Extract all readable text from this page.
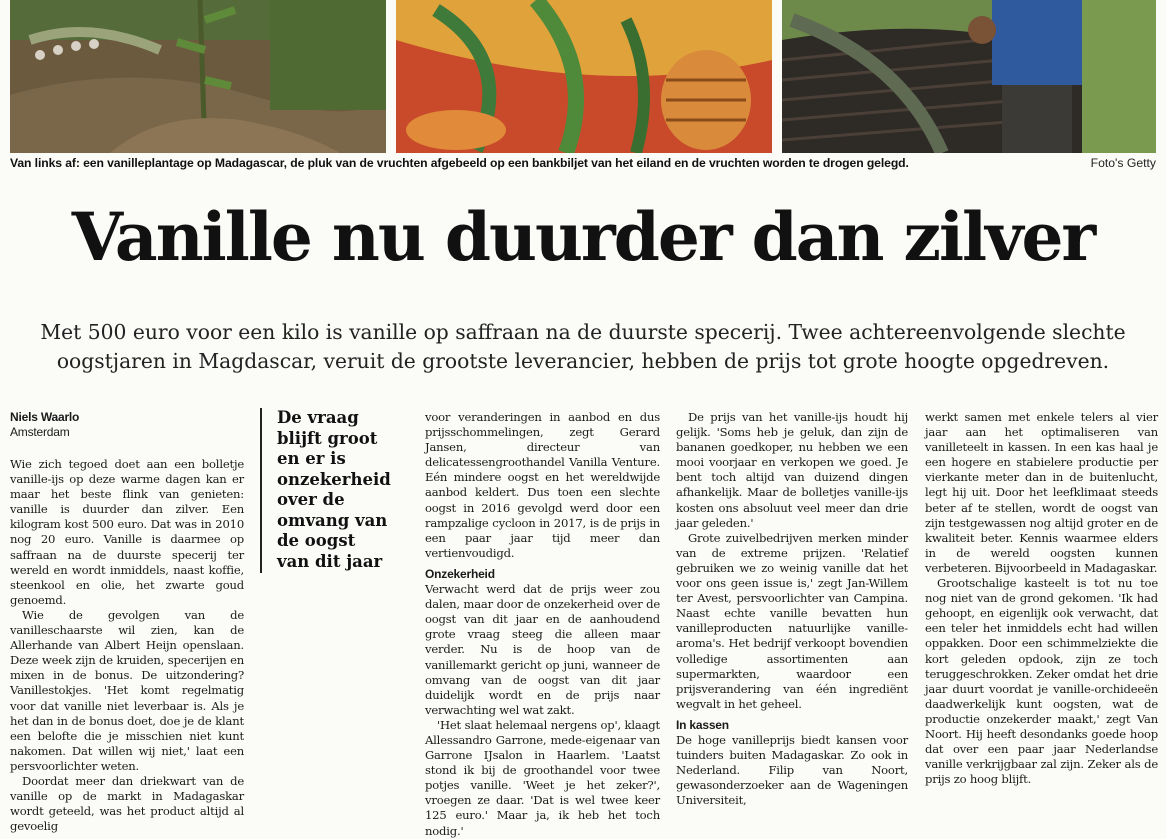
Van links af: een vanilleplantage op Madagascar, de pluk van de vruchten afgebeeld op een bankbiljet van het eiland en de vruchten worden te drogen gelegd.	Foto's Getty
Vanille nu duurder dan zilver
Met 500 euro voor een kilo is vanille op saffraan na de duurste specerij. Twee achtereenvolgende slechte
oogstjaren in Magdascar, veruit de grootste leverancier, hebben de prijs tot grote hoogte opgedreven.
Niels Waarlo
Amsterdam

Wie zich tegoed doet aan een bolletje vanille-ijs op deze warme dagen kan er maar het beste flink van genieten: vanille is duurder dan zilver. Een kilogram kost 500 euro. Dat was in 2010 nog 20 euro. Vanille is daarmee op saffraan na de duurste specerij ter wereld en wordt inmiddels, naast koffie, steenkool en olie, het zwarte goud genoemd.

Wie de gevolgen van de vanilleschaarste wil zien, kan de Allerhande van Albert Heijn openslaan. Deze week zijn de kruiden, specerijen en mixen in de bonus. De uitzondering? Vanillestokjes. 'Het komt regelmatig voor dat vanille niet leverbaar is. Als je het dan in de bonus doet, doe je de klant een belofte die je misschien niet kunt nakomen. Dat willen wij niet,' laat een persvoorlichter weten.

Doordat meer dan driekwart van de vanille op de markt in Madagaskar wordt geteeld, was het product altijd al gevoelig

De vraag
blijft groot
en er is
onzekerheid
over de
omvang van
de oogst
van dit jaar

voor veranderingen in aanbod en dus prijsschommelingen, zegt Gerard Jansen, directeur van delicatessengroothandel Vanilla Venture. Eén mindere oogst en het wereldwijde aanbod keldert. Dus toen een slechte oogst in 2016 gevolgd werd door een rampzalige cycloon in 2017, is de prijs in een paar jaar tijd meer dan vertienvoudigd.

Onzekerheid

Verwacht werd dat de prijs weer zou dalen, maar door de onzekerheid over de oogst van dit jaar en de aanhoudend grote vraag steeg die alleen maar verder. Nu is de hoop van de vanillemarkt gericht op juni, wanneer de omvang van de oogst van dit jaar duidelijk wordt en de prijs naar verwachting wel wat zakt.

'Het slaat helemaal nergens op', klaagt Allessandro Garrone, mede-eigenaar van Garrone IJsalon in Haarlem. 'Laatst stond ik bij de groothandel voor twee potjes vanille. 'Weet je het zeker?', vroegen ze daar. 'Dat is wel twee keer 125 euro.' Maar ja, ik heb het toch nodig.'

De prijs van het vanille-ijs houdt hij gelijk. 'Soms heb je geluk, dan zijn de bananen goedkoper, nu hebben we een mooi voorjaar en verkopen we goed. Je bent toch altijd van duizend dingen afhankelijk. Maar de bolletjes vanille-ijs kosten ons absoluut veel meer dan drie jaar geleden.'

Grote zuivelbedrijven merken minder van de extreme prijzen. 'Relatief gebruiken we zo weinig vanille dat het voor ons geen issue is,' zegt Jan-Willem ter Avest, persvoorlichter van Campina. Naast echte vanille bevatten hun vanilleproducten natuurlijke vanille-aroma's. Het bedrijf verkoopt bovendien volledige assortimenten aan supermarkten, waardoor een prijsverandering van één ingrediënt wegvalt in het geheel.

In kassen

De hoge vanilleprijs biedt kansen voor tuinders buiten Madagaskar. Zo ook in Nederland. Filip van Noort, gewasonderzoeker aan de Wageningen Universiteit,

werkt samen met enkele telers al vier jaar aan het optimaliseren van vanilleteelt in kassen. In een kas haal je een hogere en stabielere productie per vierkante meter dan in de buitenlucht, legt hij uit. Door het leefklimaat steeds beter af te stellen, wordt de oogst van zijn testgewassen nog altijd groter en de kwaliteit beter. Kennis waarmee elders in de wereld oogsten kunnen verbeteren. Bijvoorbeeld in Madagaskar.

Grootschalige kasteelt is tot nu toe nog niet van de grond gekomen. 'Ik had gehoopt, en eigenlijk ook verwacht, dat een teler het inmiddels echt had willen oppakken. Door een schimmelziekte die kort geleden opdook, zijn ze toch teruggeschrokken. Zeker omdat het drie jaar duurt voordat je vanille-orchideeën daadwerkelijk kunt oogsten, wat de productie onzekerder maakt,' zegt Van Noort. Hij heeft desondanks goede hoop dat over een paar jaar Nederlandse vanille verkrijgbaar zal zijn. Zeker als de prijs zo hoog blijft.
